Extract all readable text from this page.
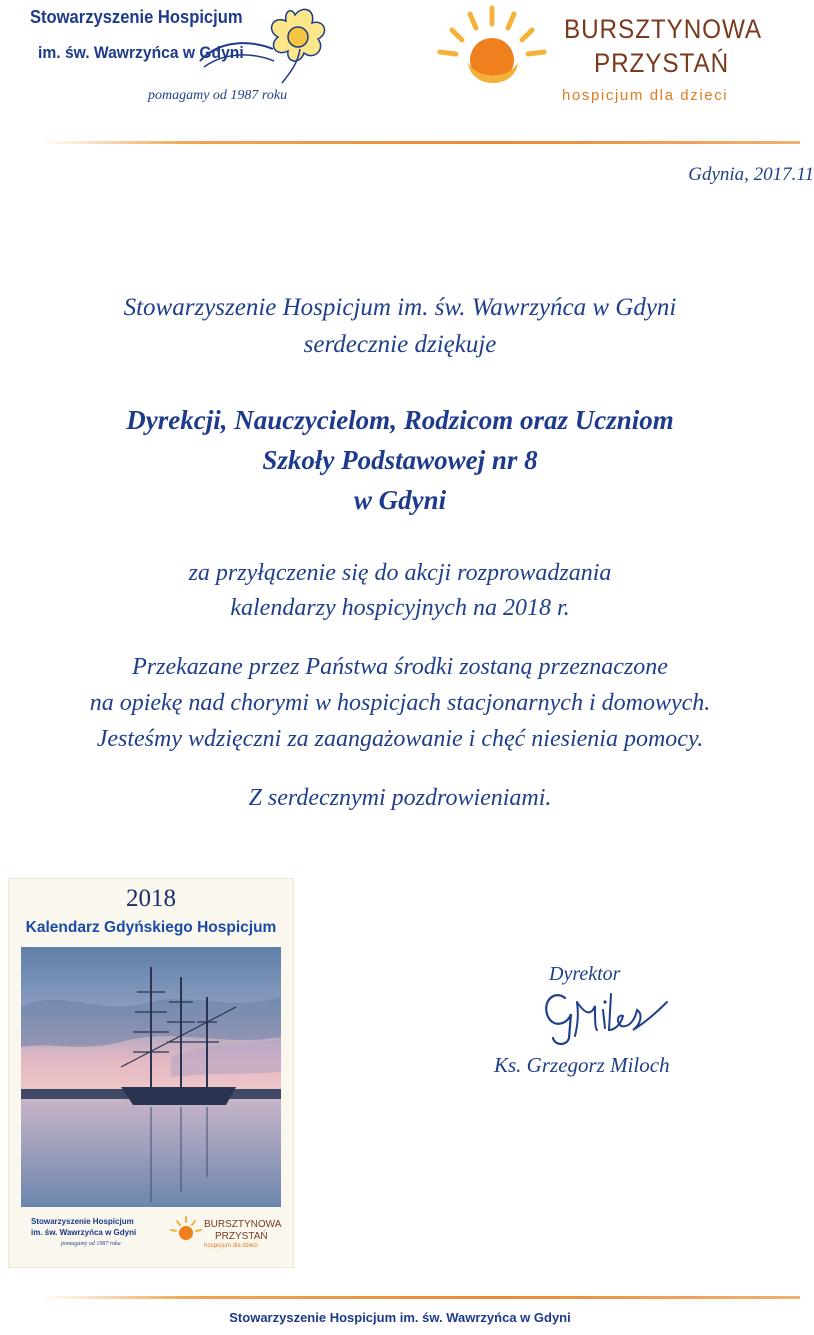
Stowarzyszenie Hospicjum
im. św. Wawrzyńca w Gdyni
pomagamy od 1987 roku
BURSZTYNOWA
PRZYSTAŃ
hospicjum dla dzieci
Gdynia, 2017.11
Stowarzyszenie Hospicjum im. św. Wawrzyńca w Gdyni
serdecznie dziękuje
Dyrekcji, Nauczycielom, Rodzicom oraz Uczniom
Szkoły Podstawowej nr 8
w Gdyni
za przyłączenie się do akcji rozprowadzania
kalendarzy hospicyjnych na 2018 r.
Przekazane przez Państwa środki zostaną przeznaczone
na opiekę nad chorymi w hospicjach stacjonarnych i domowych.
Jesteśmy wdzięczni za zaangażowanie i chęć niesienia pomocy.
Z serdecznymi pozdrowieniami.
2018
Kalendarz Gdyńskiego Hospicjum
Stowarzyszenie Hospicjum
im. św. Wawrzyńca w Gdyni
pomagamy od 1987 roku
BURSZTYNOWA
PRZYSTAŃ
hospicjum dla dzieci
Dyrektor
Ks. Grzegorz Miloch
Stowarzyszenie Hospicjum im. św. Wawrzyńca w Gdyni
